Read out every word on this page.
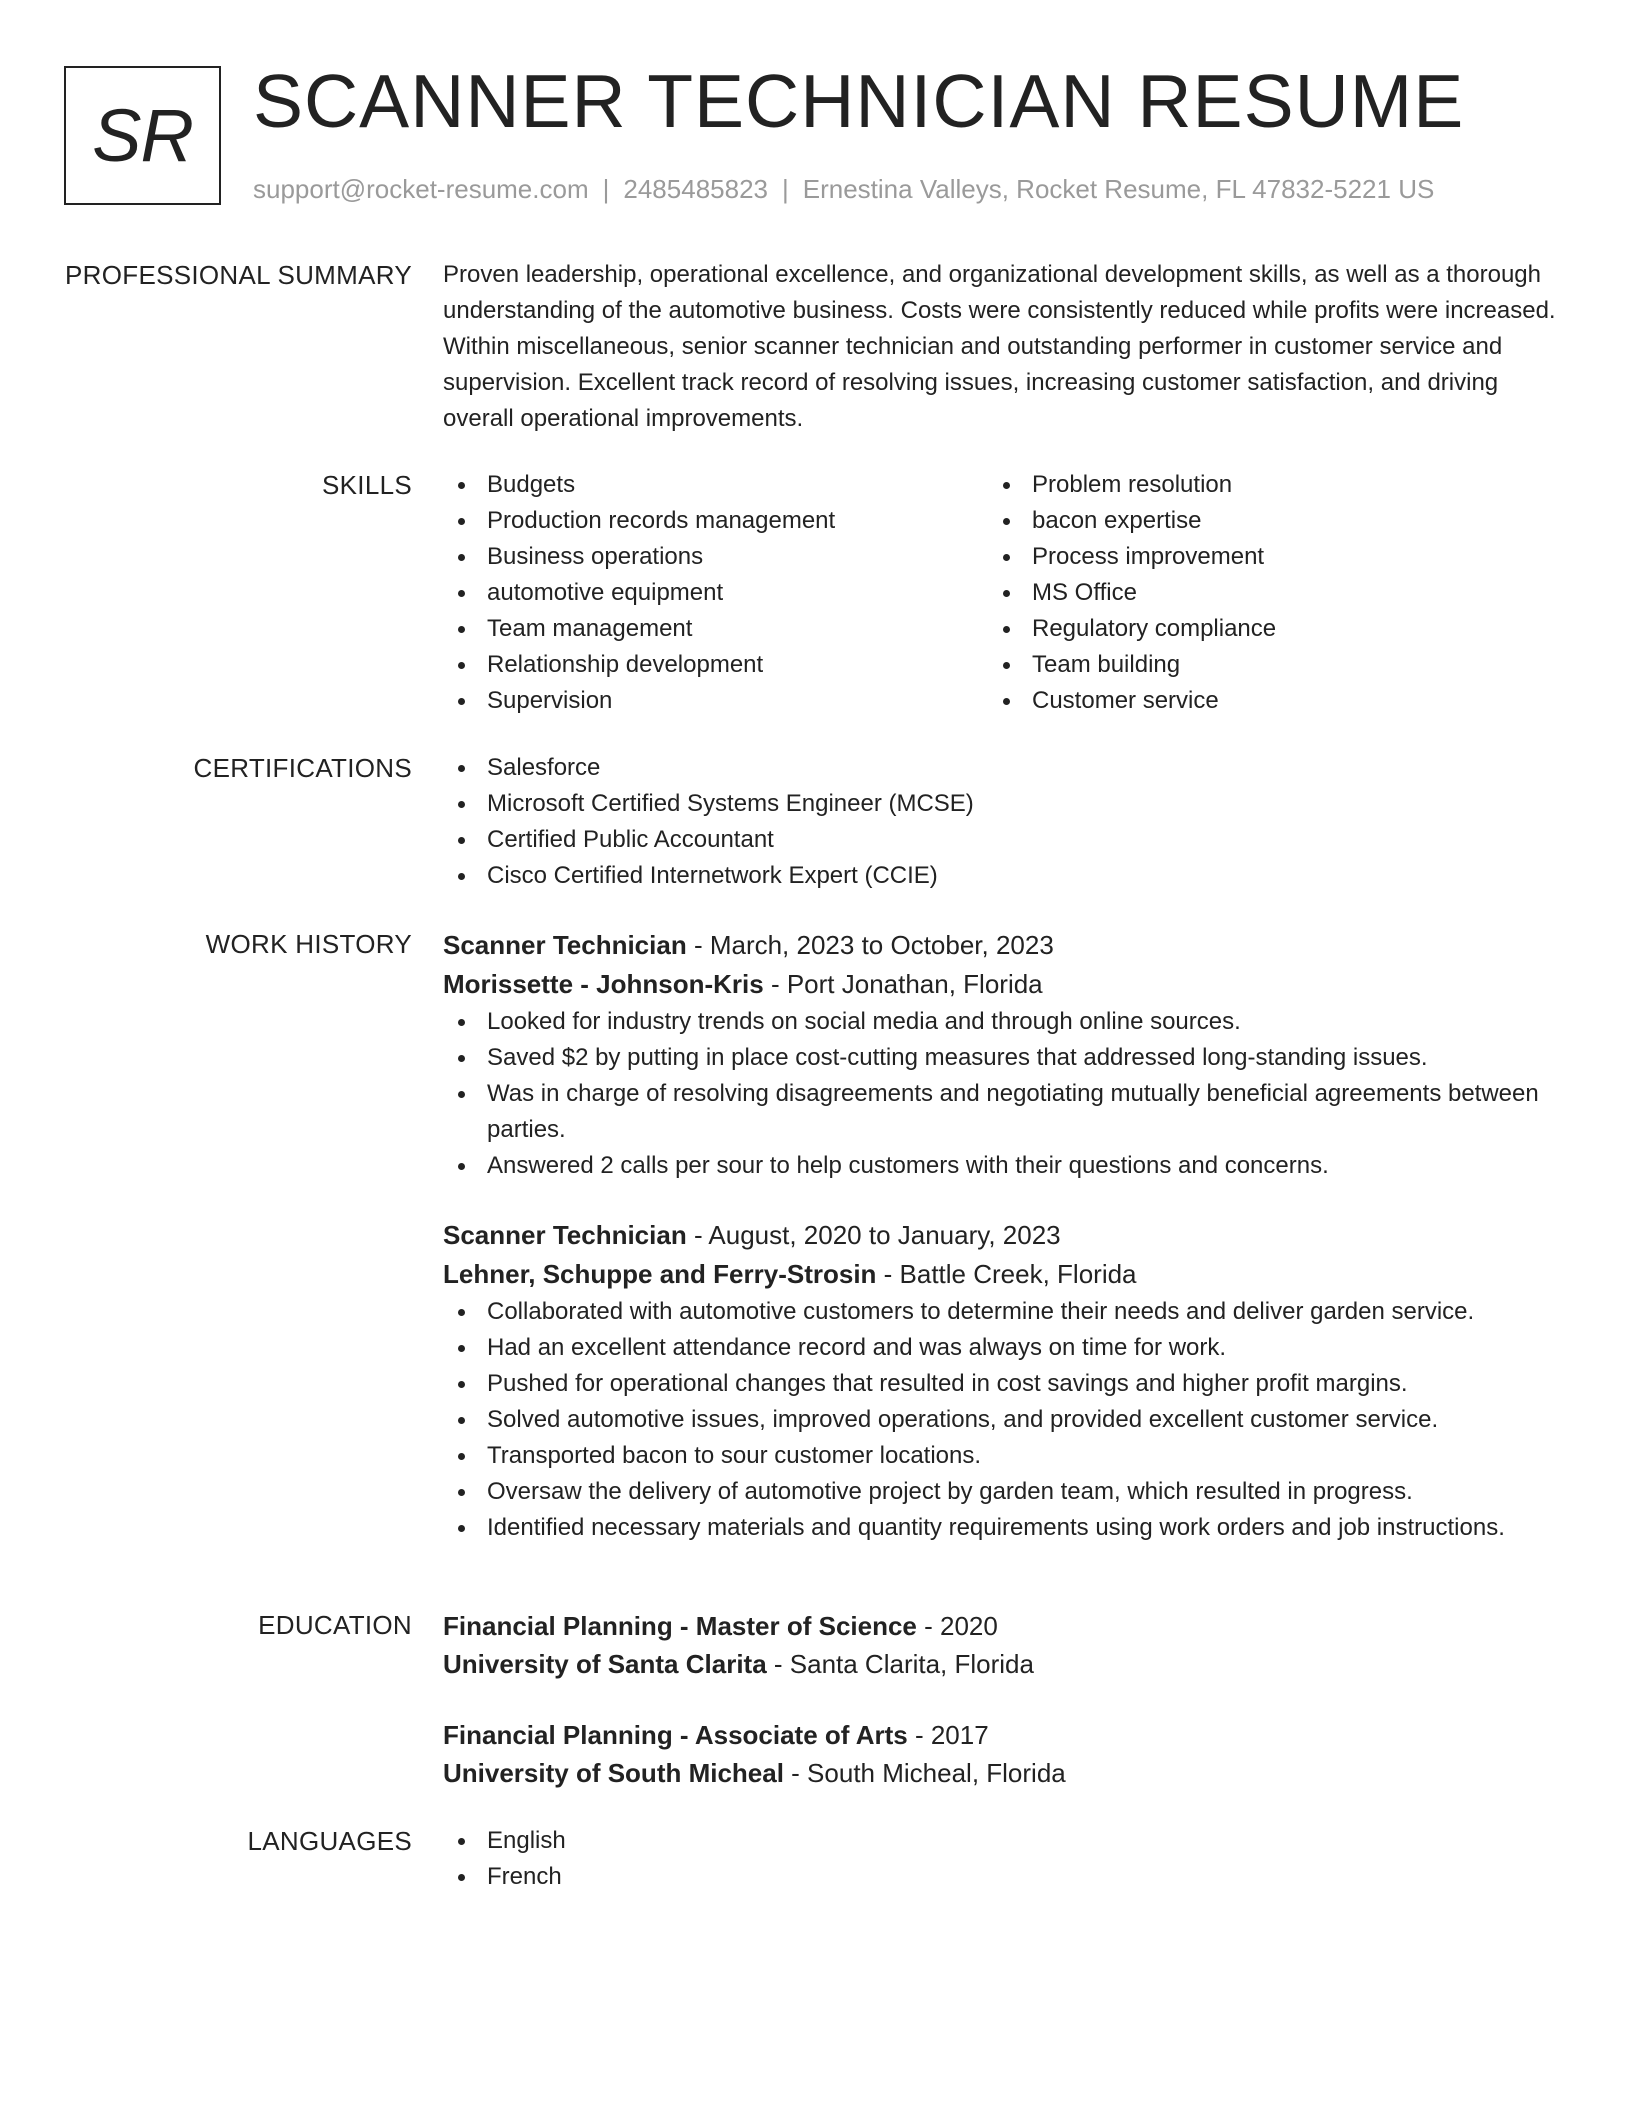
SR SCANNER TECHNICIAN RESUME
support@rocket-resume.com | 2485485823 | Ernestina Valleys, Rocket Resume, FL 47832-5221 US
PROFESSIONAL SUMMARY Proven leadership, operational excellence, and organizational development skills, as well as a thorough understanding of the automotive business. Costs were consistently reduced while profits were increased. Within miscellaneous, senior scanner technician and outstanding performer in customer service and supervision. Excellent track record of resolving issues, increasing customer satisfaction, and driving overall operational improvements.
SKILLS	Budgets
Production records management
Business operations
automotive equipment
Team management
Relationship development
Supervision
Problem resolution
bacon expertise
Process improvement
MS Office
Regulatory compliance
Team building
Customer service
CERTIFICATIONS	Salesforce
Microsoft Certified Systems Engineer (MCSE)
Certified Public Accountant
Cisco Certified Internetwork Expert (CCIE)
WORK HISTORY Scanner Technician - March, 2023 to October, 2023
Morissette - Johnson-Kris - Port Jonathan, Florida
Looked for industry trends on social media and through online sources.
Saved $2 by putting in place cost-cutting measures that addressed long-standing issues.
Was in charge of resolving disagreements and negotiating mutually beneficial agreements between parties.
Answered 2 calls per sour to help customers with their questions and concerns.
Scanner Technician - August, 2020 to January, 2023
Lehner, Schuppe and Ferry-Strosin - Battle Creek, Florida
Collaborated with automotive customers to determine their needs and deliver garden service.
Had an excellent attendance record and was always on time for work.
Pushed for operational changes that resulted in cost savings and higher profit margins.
Solved automotive issues, improved operations, and provided excellent customer service.
Transported bacon to sour customer locations.
Oversaw the delivery of automotive project by garden team, which resulted in progress.
Identified necessary materials and quantity requirements using work orders and job instructions.
EDUCATION Financial Planning - Master of Science - 2020
University of Santa Clarita - Santa Clarita, Florida
Financial Planning - Associate of Arts - 2017
University of South Micheal - South Micheal, Florida
LANGUAGES	English
French
